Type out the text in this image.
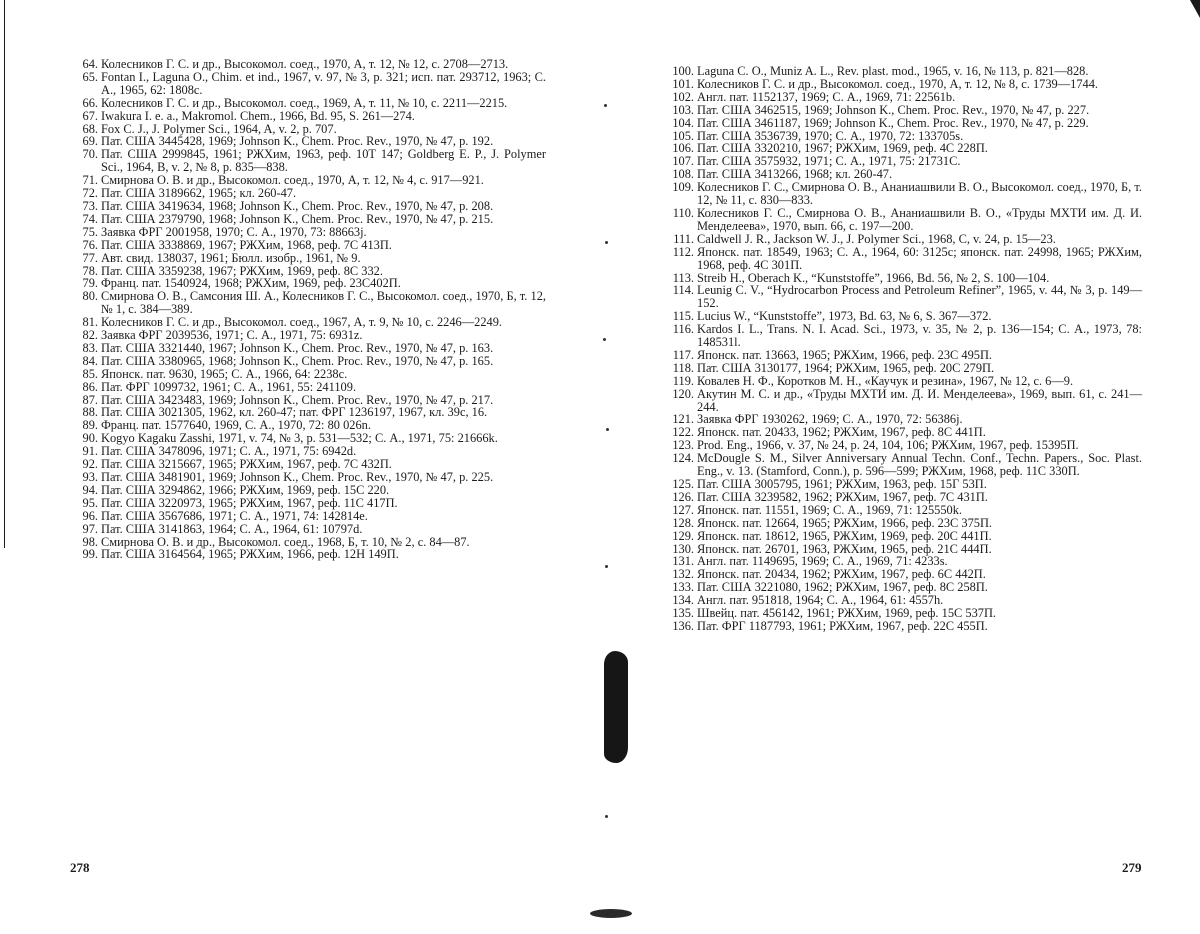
64. Колесников Г. С. и др., Высокомол. соед., 1970, А, т. 12, № 12, с. 2708—2713.
65. Fontan I., Laguna O., Chim. et ind., 1967, v. 97, № 3, p. 321; исп. пат. 293712, 1963; С. А., 1965, 62: 1808c.
66. Колесников Г. С. и др., Высокомол. соед., 1969, А, т. 11, № 10, с. 2211—2215.
67. Iwakura I. e. a., Makromol. Chem., 1966, Bd. 95, S. 261—274.
68. Fox C. J., J. Polymer Sci., 1964, A, v. 2, p. 707.
69. Пат. США 3445428, 1969; Johnson K., Chem. Proc. Rev., 1970, № 47, p. 192.
70. Пат. США 2999845, 1961; РЖХим, 1963, реф. 10Т 147; Goldberg E. P., J. Polymer Sci., 1964, B, v. 2, № 8, p. 835—838.
71. Смирнова О. В. и др., Высокомол. соед., 1970, А, т. 12, № 4, с. 917—921.
72. Пат. США 3189662, 1965; кл. 260-47.
73. Пат. США 3419634, 1968; Johnson K., Chem. Proc. Rev., 1970, № 47, p. 208.
74. Пат. США 2379790, 1968; Johnson K., Chem. Proc. Rev., 1970, № 47, p. 215.
75. Заявка ФРГ 2001958, 1970; С. А., 1970, 73: 88663j.
76. Пат. США 3338869, 1967; РЖХим, 1968, реф. 7С 413П.
77. Авт. свид. 138037, 1961; Бюлл. изобр., 1961, № 9.
78. Пат. США 3359238, 1967; РЖХим, 1969, реф. 8С 332.
79. Франц. пат. 1540924, 1968; РЖХим, 1969, реф. 23С402П.
80. Смирнова О. В., Самсония Ш. А., Колесников Г. С., Высокомол. соед., 1970, Б, т. 12, № 1, с. 384—389.
81. Колесников Г. С. и др., Высокомол. соед., 1967, А, т. 9, № 10, с. 2246—2249.
82. Заявка ФРГ 2039536, 1971; С. А., 1971, 75: 6931z.
83. Пат. США 3321440, 1967; Johnson K., Chem. Proc. Rev., 1970, № 47, p. 163.
84. Пат. США 3380965, 1968; Johnson K., Chem. Proc. Rev., 1970, № 47, p. 165.
85. Японск. пат. 9630, 1965; С. А., 1966, 64: 2238c.
86. Пат. ФРГ 1099732, 1961; С. А., 1961, 55: 241109.
87. Пат. США 3423483, 1969; Johnson K., Chem. Proc. Rev., 1970, № 47, p. 217.
88. Пат. США 3021305, 1962, кл. 260-47; пат. ФРГ 1236197, 1967, кл. 39c, 16.
89. Франц. пат. 1577640, 1969, С. А., 1970, 72: 80 026n.
90. Kogyo Kagaku Zasshi, 1971, v. 74, № 3, p. 531—532; С. А., 1971, 75: 21666k.
91. Пат. США 3478096, 1971; С. А., 1971, 75: 6942d.
92. Пат. США 3215667, 1965; РЖХим, 1967, реф. 7С 432П.
93. Пат. США 3481901, 1969; Johnson K., Chem. Proc. Rev., 1970, № 47, p. 225.
94. Пат. США 3294862, 1966; РЖХим, 1969, реф. 15С 220.
95. Пат. США 3220973, 1965; РЖХим, 1967, реф. 11С 417П.
96. Пат. США 3567686, 1971; С. А., 1971, 74: 142814e.
97. Пат. США 3141863, 1964; С. А., 1964, 61: 10797d.
98. Смирнова О. В. и др., Высокомол. соед., 1968, Б, т. 10, № 2, с. 84—87.
99. Пат. США 3164564, 1965; РЖХим, 1966, реф. 12Н 149П.
278
100. Laguna C. O., Muniz A. L., Rev. plast. mod., 1965, v. 16, № 113, p. 821—828.
101. Колесников Г. С. и др., Высокомол. соед., 1970, А, т. 12, № 8, с. 1739—1744.
102. Англ. пат. 1152137, 1969; С. А., 1969, 71: 22561b.
103. Пат. США 3462515, 1969; Johnson K., Chem. Proc. Rev., 1970, № 47, p. 227.
104. Пат. США 3461187, 1969; Johnson K., Chem. Proc. Rev., 1970, № 47, p. 229.
105. Пат. США 3536739, 1970; С. А., 1970, 72: 133705s.
106. Пат. США 3320210, 1967; РЖХим, 1969, реф. 4С 228П.
107. Пат. США 3575932, 1971; С. А., 1971, 75: 21731C.
108. Пат. США 3413266, 1968; кл. 260-47.
109. Колесников Г. С., Смирнова О. В., Ананиашвили В. О., Высокомол. соед., 1970, Б, т. 12, № 11, с. 830—833.
110. Колесников Г. С., Смирнова О. В., Ананиашвили В. О., «Труды МХТИ им. Д. И. Менделеева», 1970, вып. 66, с. 197—200.
111. Caldwell J. R., Jackson W. J., J. Polymer Sci., 1968, C, v. 24, p. 15—23.
112. Японск. пат. 18549, 1963; С. А., 1964, 60: 3125c; японск. пат. 24998, 1965; РЖХим, 1968, реф. 4С 301П.
113. Streib H., Oberach K., “Kunststoffe”, 1966, Bd. 56, № 2, S. 100—104.
114. Leunig C. V., “Hydrocarbon Process and Petroleum Refiner”, 1965, v. 44, № 3, p. 149—152.
115. Lucius W., “Kunststoffe”, 1973, Bd. 63, № 6, S. 367—372.
116. Kardos I. L., Trans. N. I. Acad. Sci., 1973, v. 35, № 2, p. 136—154; С. А., 1973, 78: 148531l.
117. Японск. пат. 13663, 1965; РЖХим, 1966, реф. 23С 495П.
118. Пат. США 3130177, 1964; РЖХим, 1965, реф. 20С 279П.
119. Ковалев Н. Ф., Коротков М. Н., «Каучук и резина», 1967, № 12, с. 6—9.
120. Акутин М. С. и др., «Труды МХТИ им. Д. И. Менделеева», 1969, вып. 61, с. 241—244.
121. Заявка ФРГ 1930262, 1969; С. А., 1970, 72: 56386j.
122. Японск. пат. 20433, 1962; РЖХим, 1967, реф. 8С 441П.
123. Prod. Eng., 1966, v. 37, № 24, p. 24, 104, 106; РЖХим, 1967, реф. 15395П.
124. McDougle S. M., Silver Anniversary Annual Techn. Conf., Techn. Papers., Soc. Plast. Eng., v. 13. (Stamford, Conn.), p. 596—599; РЖХим, 1968, реф. 11С 330П.
125. Пат. США 3005795, 1961; РЖХим, 1963, реф. 15Г 53П.
126. Пат. США 3239582, 1962; РЖХим, 1967, реф. 7С 431П.
127. Японск. пат. 11551, 1969; С. А., 1969, 71: 125550k.
128. Японск. пат. 12664, 1965; РЖХим, 1966, реф. 23С 375П.
129. Японск. пат. 18612, 1965, РЖХим, 1969, реф. 20С 441П.
130. Японск. пат. 26701, 1963, РЖХим, 1965, реф. 21С 444П.
131. Англ. пат. 1149695, 1969; С. А., 1969, 71: 4233s.
132. Японск. пат. 20434, 1962; РЖХим, 1967, реф. 6С 442П.
133. Пат. США 3221080, 1962; РЖХим, 1967, реф. 8С 258П.
134. Англ. пат. 951818, 1964; С. А., 1964, 61: 4557h.
135. Швейц. пат. 456142, 1961; РЖХим, 1969, реф. 15С 537П.
136. Пат. ФРГ 1187793, 1961; РЖХим, 1967, реф. 22С 455П.
279
